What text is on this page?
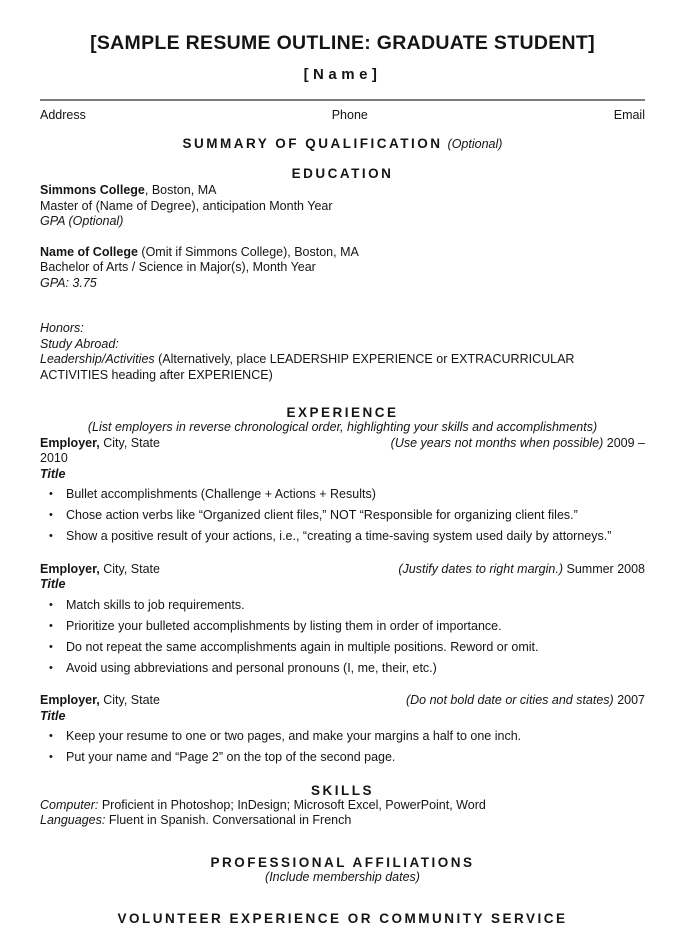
[SAMPLE RESUME OUTLINE: GRADUATE STUDENT]
[Name]
Address	Phone	Email
SUMMARY OF QUALIFICATION (Optional)
EDUCATION
Simmons College, Boston, MA
Master of (Name of Degree), anticipation Month Year
GPA (Optional)
Name of College (Omit if Simmons College), Boston, MA
Bachelor of Arts / Science in Major(s), Month Year
GPA: 3.75
Honors:
Study Abroad:
Leadership/Activities (Alternatively, place LEADERSHIP EXPERIENCE or EXTRACURRICULAR ACTIVITIES heading after EXPERIENCE)
EXPERIENCE
(List employers in reverse chronological order, highlighting your skills and accomplishments)
Employer, City, State	(Use years not months when possible) 2009 –
2010
Title
• Bullet accomplishments (Challenge + Actions + Results)
• Chose action verbs like “Organized client files,” NOT “Responsible for organizing client files.”
• Show a positive result of your actions, i.e., “creating a time-saving system used daily by attorneys.”
Employer, City, State	(Justify dates to right margin.) Summer 2008
Title
• Match skills to job requirements.
• Prioritize your bulleted accomplishments by listing them in order of importance.
• Do not repeat the same accomplishments again in multiple positions. Reword or omit.
• Avoid using abbreviations and personal pronouns (I, me, their, etc.)
Employer, City, State	(Do not bold date or cities and states) 2007
Title
• Keep your resume to one or two pages, and make your margins a half to one inch.
• Put your name and “Page 2” on the top of the second page.
SKILLS
Computer: Proficient in Photoshop; InDesign; Microsoft Excel, PowerPoint, Word
Languages: Fluent in Spanish. Conversational in French
PROFESSIONAL AFFILIATIONS
(Include membership dates)
VOLUNTEER EXPERIENCE OR COMMUNITY SERVICE
